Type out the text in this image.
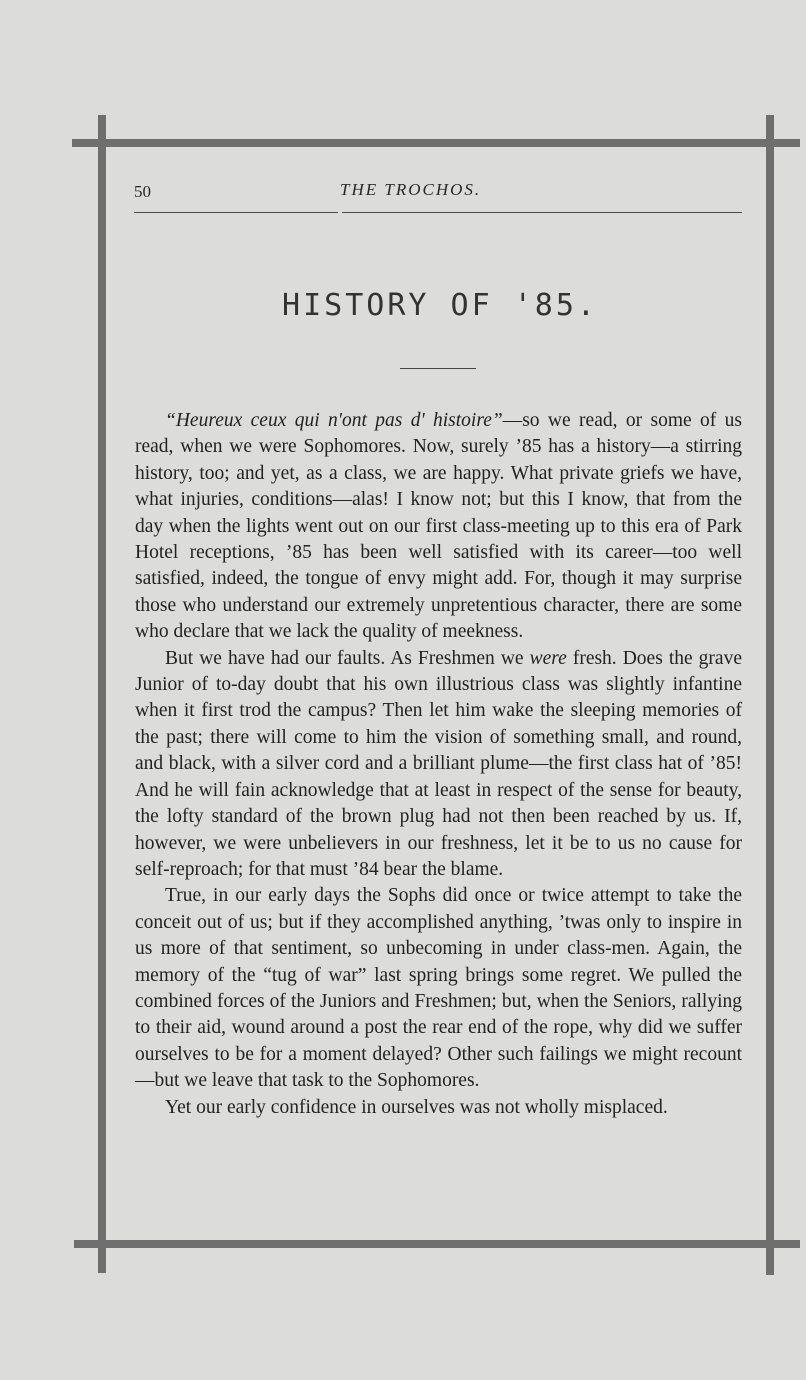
50	THE TROCHOS.
HISTORY OF '85.

“Heureux ceux qui n'ont pas d' histoire”—so we read, or some of us read, when we were Sophomores. Now, surely ’85 has a history—a stirring history, too; and yet, as a class, we are happy. What private griefs we have, what injuries, conditions—alas! I know not; but this I know, that from the day when the lights went out on our first class-meeting up to this era of Park Hotel receptions, ’85 has been well satisfied with its career—too well satisfied, indeed, the tongue of envy might add. For, though it may surprise those who understand our extremely unpretentious character, there are some who declare that we lack the quality of meekness.

But we have had our faults. As Freshmen we were fresh. Does the grave Junior of to-day doubt that his own illustrious class was slightly infantine when it first trod the campus? Then let him wake the sleeping memories of the past; there will come to him the vision of something small, and round, and black, with a silver cord and a brilliant plume—the first class hat of ’85! And he will fain acknowledge that at least in respect of the sense for beauty, the lofty standard of the brown plug had not then been reached by us. If, however, we were unbelievers in our freshness, let it be to us no cause for self-reproach; for that must ’84 bear the blame.

True, in our early days the Sophs did once or twice attempt to take the conceit out of us; but if they accomplished anything, ’twas only to inspire in us more of that sentiment, so unbecoming in under class-men. Again, the memory of the “tug of war” last spring brings some regret. We pulled the combined forces of the Juniors and Freshmen; but, when the Seniors, rallying to their aid, wound around a post the rear end of the rope, why did we suffer ourselves to be for a moment delayed? Other such failings we might recount—but we leave that task to the Sophomores.

Yet our early confidence in ourselves was not wholly misplaced.
